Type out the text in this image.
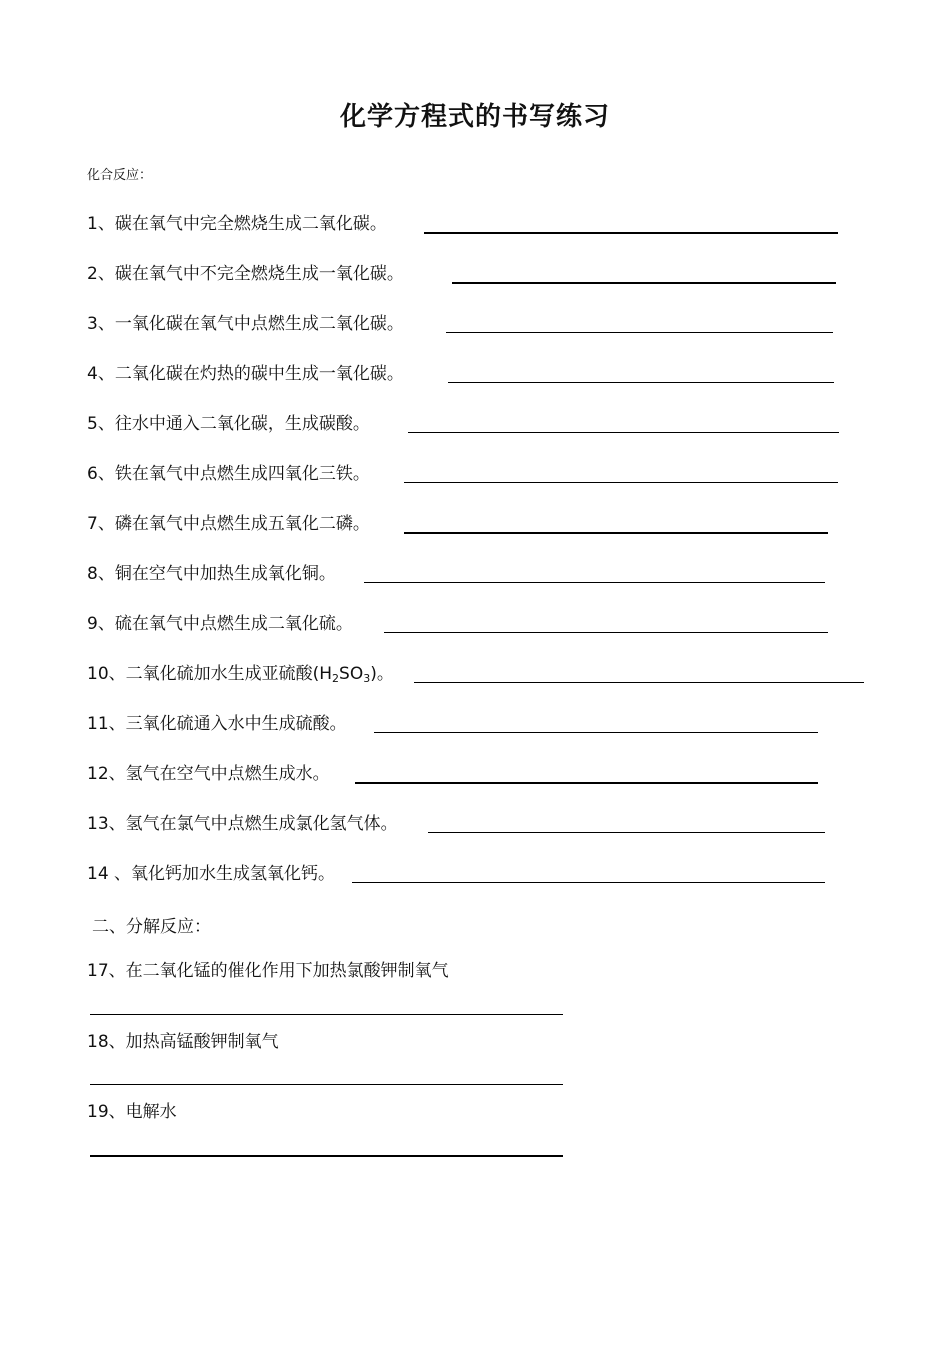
化学方程式的书写练习
化合反应：
1、碳在氧气中完全燃烧生成二氧化碳。
2、碳在氧气中不完全燃烧生成一氧化碳。
3、一氧化碳在氧气中点燃生成二氧化碳。
4、二氧化碳在灼热的碳中生成一氧化碳。
5、往水中通入二氧化碳，生成碳酸。
6、铁在氧气中点燃生成四氧化三铁。
7、磷在氧气中点燃生成五氧化二磷。
8、铜在空气中加热生成氧化铜。
9、硫在氧气中点燃生成二氧化硫。
10、二氧化硫加水生成亚硫酸$(H_2SO_3)$。
11、三氧化硫通入水中生成硫酸。
12、氢气在空气中点燃生成水。
13、氢气在氯气中点燃生成氯化氢气体。
14 、氧化钙加水生成氢氧化钙。
二、分解反应：
17、在二氧化锰的催化作用下加热氯酸钾制氧气
18、加热高锰酸钾制氧气
19、电解水
